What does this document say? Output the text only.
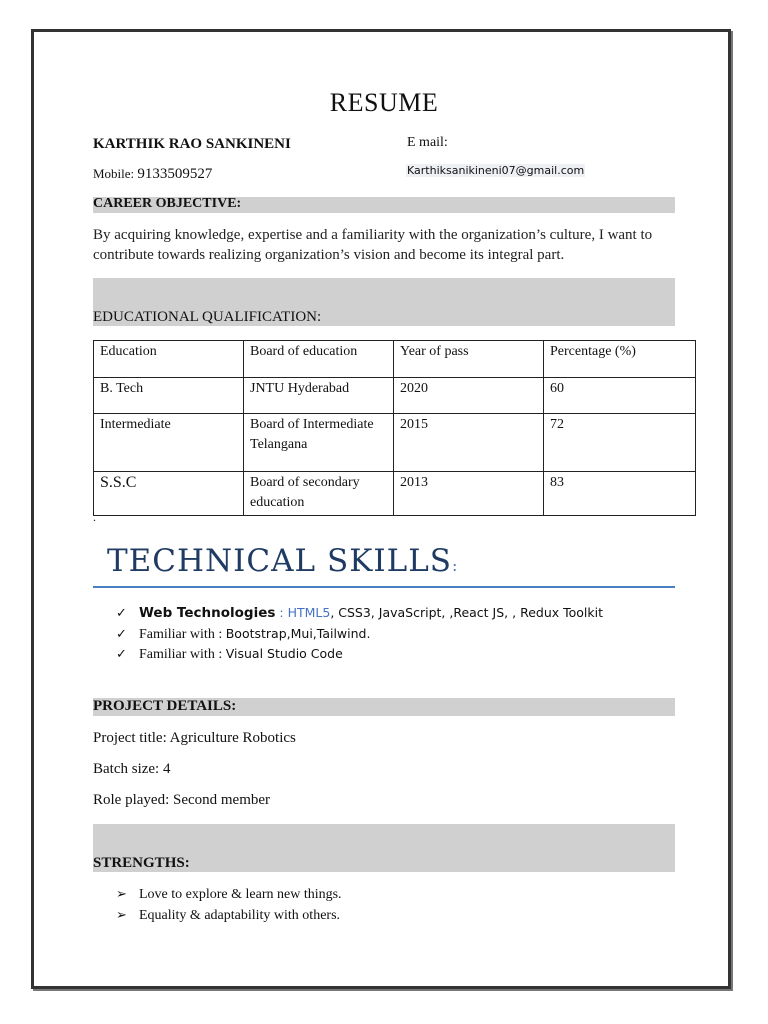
RESUME
KARTHIK RAO SANKINENI	E mail:
Karthiksanikineni07@gmail.com
Mobile: 9133509527
CAREER OBJECTIVE:
By acquiring knowledge, expertise and a familiarity with the organization’s culture, I want to contribute towards realizing organization’s vision and become its integral part.
EDUCATIONAL QUALIFICATION:
Education	Board of education	Year of pass	Percentage (%)
B. Tech	JNTU Hyderabad	2020	60
Intermediate	Board of Intermediate Telangana	2015	72
S.S.C	Board of secondary education	2013	83
.
TECHNICAL SKILLS:
✓ Web Technologies : HTML5, CSS3, JavaScript, ,React JS, , Redux Toolkit
✓ Familiar with : Bootstrap,Mui,Tailwind.
✓ Familiar with : Visual Studio Code
PROJECT DETAILS:
Project title: Agriculture Robotics
Batch size: 4
Role played: Second member
STRENGTHS:
➢ Love to explore & learn new things.
➢ Equality & adaptability with others.
